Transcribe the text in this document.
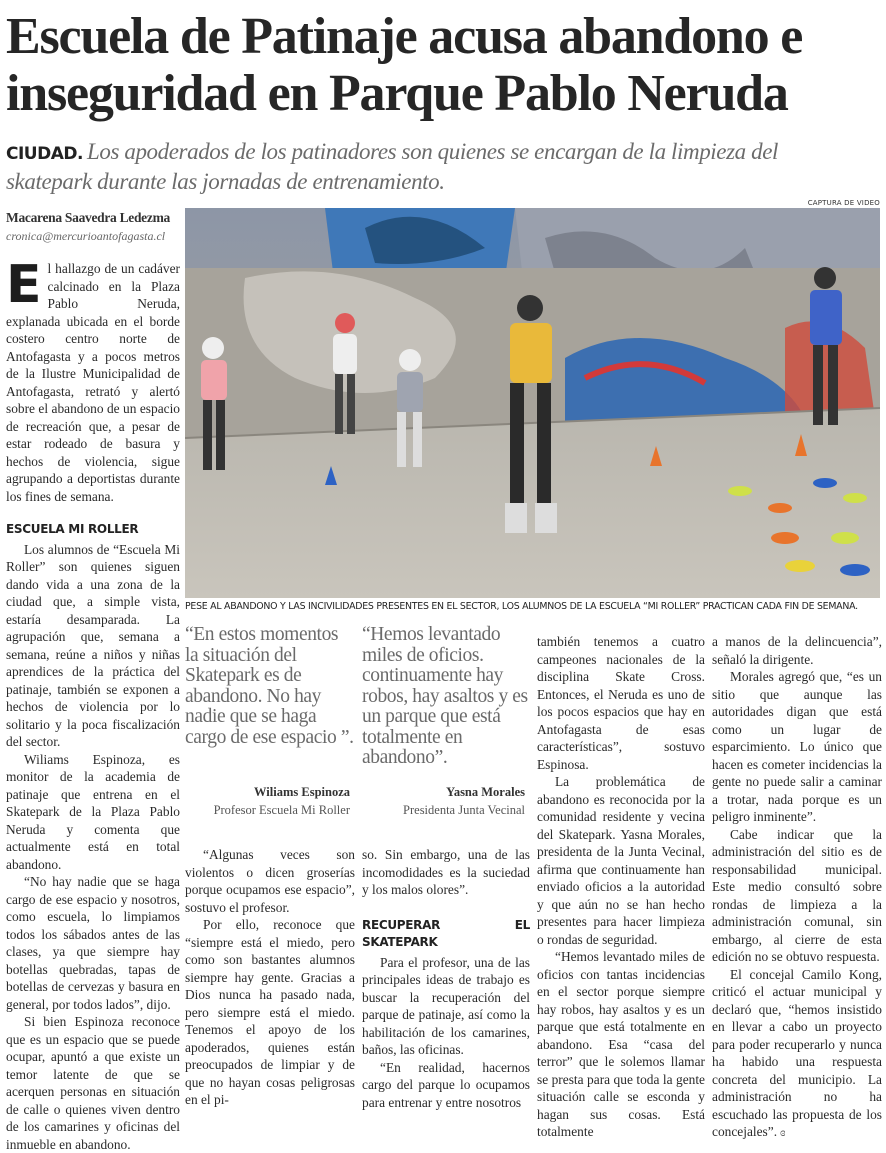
Escuela de Patinaje acusa abandono e
inseguridad en Parque Pablo Neruda
CIUDAD. Los apoderados de los patinadores son quienes se encargan de la limpieza del skatepark durante las jornadas de entrenamiento.
Macarena Saavedra Ledezma
cronica@mercurioantofagasta.cl
CAPTURA DE VIDEO
PESE AL ABANDONO Y LAS INCIVILIDADES PRESENTES EN EL SECTOR, LOS ALUMNOS DE LA ESCUELA “MI ROLLER” PRACTICAN CADA FIN DE SEMANA.
“En estos momentos la situación del Skatepark es de abandono. No hay nadie que se haga cargo de ese espacio ”.
Wiliams Espinoza
Profesor Escuela Mi Roller
“Hemos levantado miles de oficios. continuamente hay robos, hay asaltos y es un parque que está totalmente en abandono”.
Yasna Morales
Presidenta Junta Vecinal

El hallazgo de un cadáver calcinado en la Plaza Pablo Neruda, explanada ubicada en el borde costero centro norte de Antofagasta y a pocos metros de la Ilustre Municipalidad de Antofagasta, retrató y alertó sobre el abandono de un espacio de recreación que, a pesar de estar rodeado de basura y hechos de violencia, sigue agrupando a deportistas durante los fines de semana.

ESCUELA MI ROLLER

Los alumnos de “Escuela Mi Roller” son quienes siguen dando vida a una zona de la ciudad que, a simple vista, estaría desamparada. La agrupación que, semana a semana, reúne a niños y niñas aprendices de la práctica del patinaje, también se exponen a hechos de violencia por lo solitario y la poca fiscalización del sector.

Wiliams Espinoza, es monitor de la academia de patinaje que entrena en el Skatepark de la Plaza Pablo Neruda y comenta que actualmente está en total abandono.

“No hay nadie que se haga cargo de ese espacio y nosotros, como escuela, lo limpiamos todos los sábados antes de las clases, ya que siempre hay botellas quebradas, tapas de botellas de cervezas y basura en general, por todos lados”, dijo.

Si bien Espinoza reconoce que es un espacio que se puede ocupar, apuntó a que existe un temor latente de que se acerquen personas en situación de calle o quienes viven dentro de los camarines y oficinas del inmueble en abandono.

“Algunas veces son violentos o dicen groserías porque ocupamos ese espacio”, sostuvo el profesor.

Por ello, reconoce que “siempre está el miedo, pero como son bastantes alumnos siempre hay gente. Gracias a Dios nunca ha pasado nada, pero siempre está el miedo. Tenemos el apoyo de los apoderados, quienes están preocupados de limpiar y de que no hayan cosas peligrosas en el pi-

so. Sin embargo, una de las incomodidades es la suciedad y los malos olores”.

RECUPERAR EL SKATEPARK

Para el profesor, una de las principales ideas de trabajo es buscar la recuperación del parque de patinaje, así como la habilitación de los camarines, baños, las oficinas.

“En realidad, hacernos cargo del parque lo ocupamos para entrenar y entre nosotros

también tenemos a cuatro campeones nacionales de la disciplina Skate Cross. Entonces, el Neruda es uno de los pocos espacios que hay en Antofagasta de esas características”, sostuvo Espinosa.

La problemática de abandono es reconocida por la comunidad residente y vecina del Skatepark. Yasna Morales, presidenta de la Junta Vecinal, afirma que continuamente han enviado oficios a la autoridad y que aún no se han hecho presentes para hacer limpieza o rondas de seguridad.

“Hemos levantado miles de oficios con tantas incidencias en el sector porque siempre hay robos, hay asaltos y es un parque que está totalmente en abandono. Esa “casa del terror” que le solemos llamar se presta para que toda la gente situación calle se esconda y hagan sus cosas. Está totalmente

a manos de la delincuencia”, señaló la dirigente.

Morales agregó que, “es un sitio que aunque las autoridades digan que está como un lugar de esparcimiento. Lo único que hacen es cometer incidencias la gente no puede salir a caminar a trotar, nada porque es un peligro inminente”.

Cabe indicar que la administración del sitio es de responsabilidad municipal. Este medio consultó sobre rondas de limpieza a la administración comunal, sin embargo, al cierre de esta edición no se obtuvo respuesta.

El concejal Camilo Kong, criticó el actuar municipal y declaró que, “hemos insistido en llevar a cabo un proyecto para poder recuperarlo y nunca ha habido una respuesta concreta del municipio. La administración no ha escuchado las propuesta de los concejales”. ɞ
